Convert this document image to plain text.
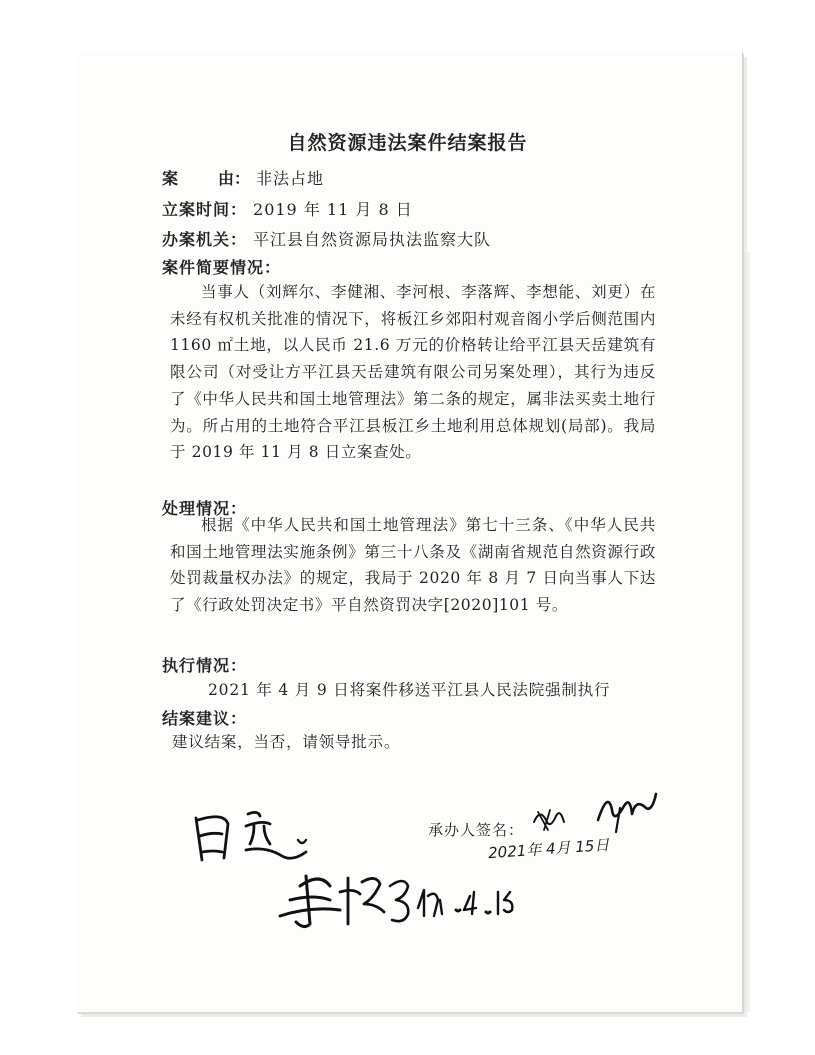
自然资源违法案件结案报告
案	由： 非法占地
立案时间： 2019 年 11 月 8 日
办案机关： 平江县自然资源局执法监察大队
案件简要情况：
当事人（刘辉尔、李健湘、李河根、李落辉、李想能、刘更）在未经有权机关批准的情况下，将板江乡郊阳村观音阁小学后侧范围内 1160 ㎡土地，以人民币 21.6 万元的价格转让给平江县天岳建筑有限公司（对受让方平江县天岳建筑有限公司另案处理），其行为违反了《中华人民共和国土地管理法》第二条的规定，属非法买卖土地行为。所占用的土地符合平江县板江乡土地利用总体规划(局部)。我局于 2019 年 11 月 8 日立案查处。
处理情况：
根据《中华人民共和国土地管理法》第七十三条、《中华人民共和国土地管理法实施条例》第三十八条及《湖南省规范自然资源行政处罚裁量权办法》的规定，我局于 2020 年 8 月 7 日向当事人下达了《行政处罚决定书》平自然资罚决字[2020]101 号。
执行情况：
2021 年 4 月 9 日将案件移送平江县人民法院强制执行
结案建议：
建议结案，当否，请领导批示。
承办人签名：
2021年 4月 15日
